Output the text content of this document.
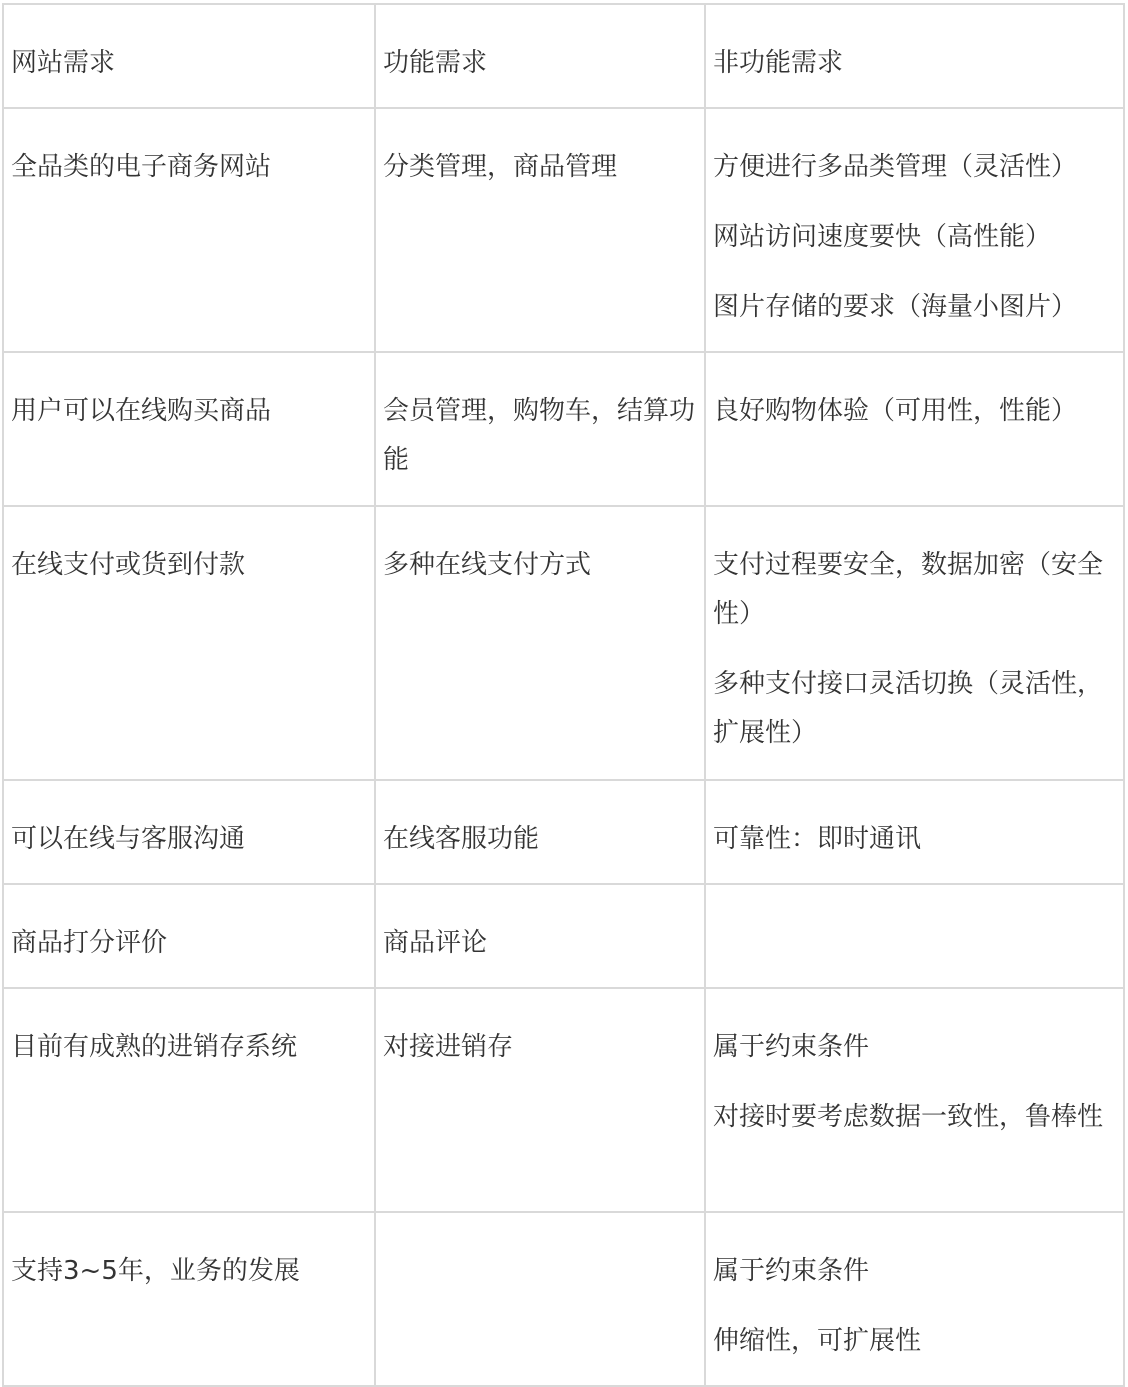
网站需求	功能需求	非功能需求

全品类的电子商务网站	分类管理，商品管理	方便进行多品类管理（灵活性）

网站访问速度要快（高性能）

图片存储的要求（海量小图片）

用户可以在线购买商品	会员管理，购物车，结算功能	良好购物体验（可用性，性能）

在线支付或货到付款	多种在线支付方式	支付过程要安全，数据加密（安全性）

多种支付接口灵活切换（灵活性，扩展性）

可以在线与客服沟通	在线客服功能	可靠性：即时通讯

商品打分评价	商品评论	

目前有成熟的进销存系统	对接进销存	属于约束条件

对接时要考虑数据一致性，鲁棒性

支持3~5年，业务的发展		属于约束条件

伸缩性，可扩展性
